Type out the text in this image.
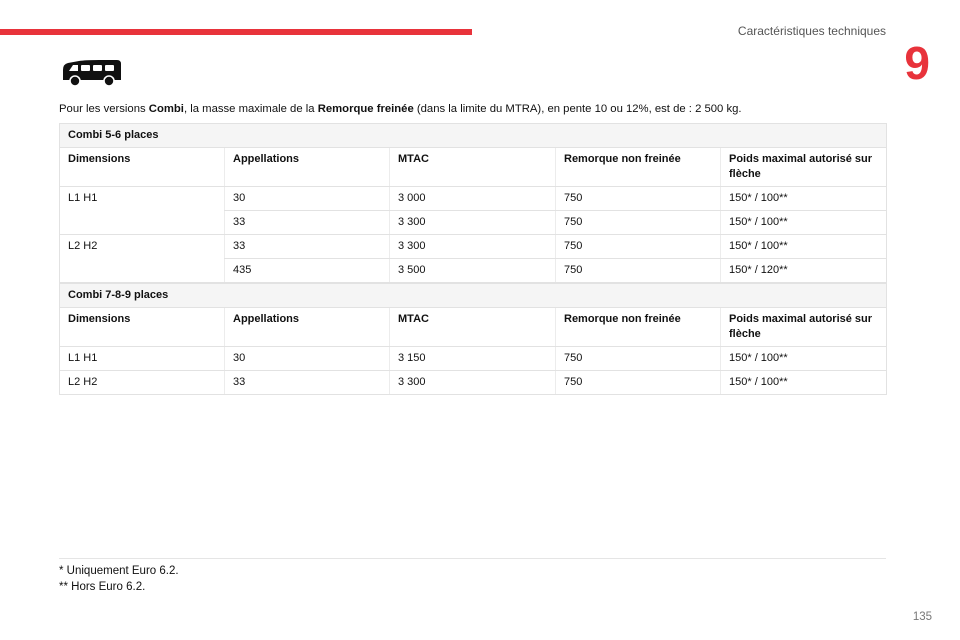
Caractéristiques techniques
9
Pour les versions Combi, la masse maximale de la Remorque freinée (dans la limite du MTRA), en pente 10 ou 12%, est de : 2 500 kg.
Combi 5-6 places				
Dimensions	Appellations	MTAC	Remorque non freinée	Poids maximal autorisé sur flèche
L1 H1	30	3 000	750	150* / 100**
	33	3 300	750	150* / 100**
L2 H2	33	3 300	750	150* / 100**
	435	3 500	750	150* / 120**
Combi 7-8-9 places				
Dimensions	Appellations	MTAC	Remorque non freinée	Poids maximal autorisé sur flèche
L1 H1	30	3 150	750	150* / 100**
L2 H2	33	3 300	750	150* / 100**
* Uniquement Euro 6.2.
** Hors Euro 6.2.
135
